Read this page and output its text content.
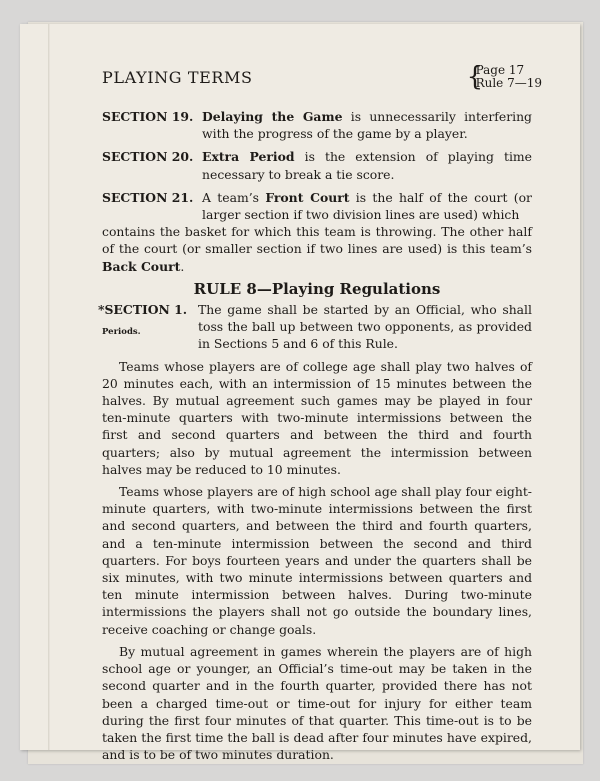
PLAYING TERMS	{
Page 17
Rule 7—19
SECTION 19. Delaying the Game is unnecessarily interfering with the progress of the game by a player.
SECTION 20. Extra Period is the extension of playing time necessary to break a tie score.
SECTION 21. A team’s Front Court is the half of the court (or larger section if two division lines are used) which
contains the basket for which this team is throwing. The other half of the court (or smaller section if two lines are used) is this team’s Back Court.
RULE 8—Playing Regulations
*SECTION 1.
Periods.
The game shall be started by an Official, who shall toss the ball up between two opponents, as provided in Sections 5 and 6 of this Rule.

Teams whose players are of college age shall play two halves of 20 minutes each, with an intermission of 15 minutes between the halves. By mutual agreement such games may be played in four ten-minute quarters with two-minute intermissions between the first and second quarters and between the third and fourth quarters; also by mutual agreement the intermission between halves may be reduced to 10 minutes.

Teams whose players are of high school age shall play four eight-minute quarters, with two-minute intermissions between the first and second quarters, and between the third and fourth quarters, and a ten-minute intermission between the second and third quarters. For boys fourteen years and under the quarters shall be six minutes, with two minute intermissions between quarters and ten minute intermission between halves. During two-minute intermissions the players shall not go outside the boundary lines, receive coaching or change goals.

By mutual agreement in games wherein the players are of high school age or younger, an Official’s time-out may be taken in the second quarter and in the fourth quarter, provided there has not been a charged time-out or time-out for injury for either team during the first four minutes of that quarter. This time-out is to be taken the first time the ball is dead after four minutes have expired, and is to be of two minutes duration.
